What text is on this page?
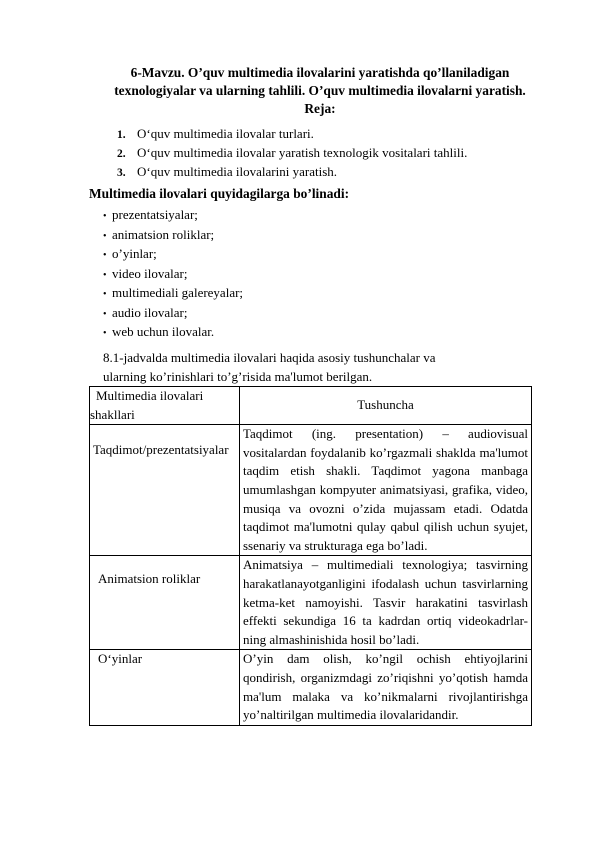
6-Mavzu. O’quv multimedia ilovalarini yaratishda qo’llaniladigan
texnologiyalar va ularning tahlili. O’quv multimedia ilovalarni yaratish.
Reja:
1. O‘quv multimedia ilovalar turlari.
2. O‘quv multimedia ilovalar yaratish texnologik vositalari tahlili.
3. O‘quv multimedia ilovalarini yaratish.
Multimedia ilovalari quyidagilarga bo’linadi:
• prezentatsiyalar;
• animatsion roliklar;
• o’yinlar;
• video ilovalar;
• multimediali galereyalar;
• audio ilovalar;
• web uchun ilovalar.
8.1-jadvalda multimedia ilovalari haqida asosiy tushunchalar va
ularning ko’rinishlari to’g’risida ma'lumot berilgan.
Multimedia ilovalari
shakllari	Tushuncha
Taqdimot/prezentatsiyalar	Taqdimot (ing. presentation) – audiovisual vositalardan foydalanib ko’rgazmali shaklda ma'lumot taqdim etish shakli. Taqdimot yagona manbaga umumlashgan kompyuter animatsiyasi, grafika, video, musiqa va ovozni o’zida mujassam etadi. Odatda taqdimot ma'lumotni qulay qabul qilish uchun syujet, ssenariy va strukturaga ega bo’ladi.
Animatsion roliklar	Animatsiya – multimediali texnologiya; tasvirning harakatlanayotganligini ifodalash uchun tasvirlarning ketma-ket namoyishi. Tasvir harakatini tasvirlash effekti sekundiga 16 ta kadrdan ortiq videokadrlar- ning almashinishida hosil bo’ladi.
O‘yinlar	O’yin dam olish, ko’ngil ochish ehtiyojlarini qondirish, organizmdagi zo’riqishni yo’qotish hamda ma'lum malaka va ko’nikmalarni rivojlantirishga yo’naltirilgan multimedia ilovalaridandir.
